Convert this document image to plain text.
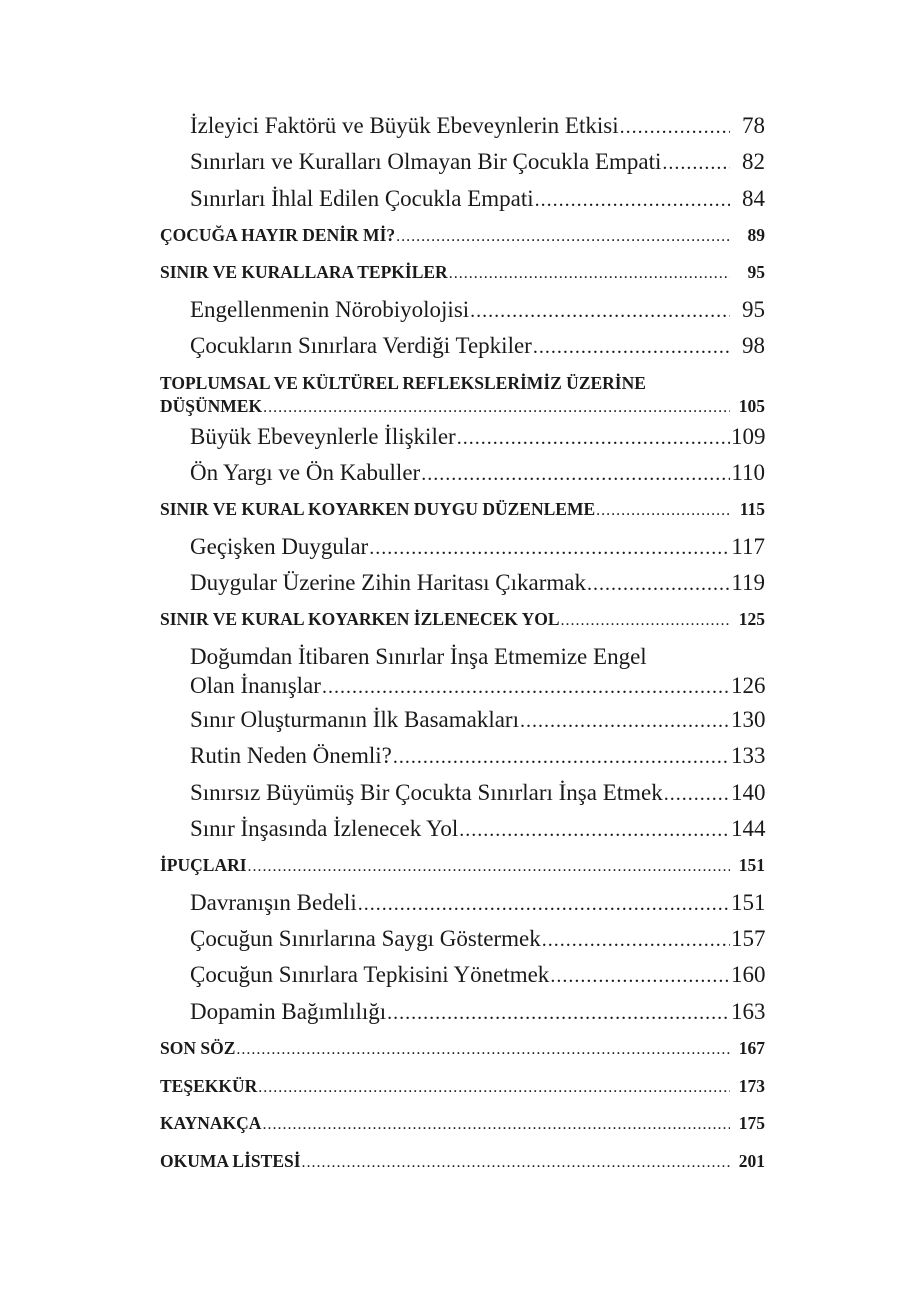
İzleyici Faktörü ve Büyük Ebeveynlerin Etkisi .....	78
Sınırları ve Kuralları Olmayan Bir Çocukla Empati .....	82
Sınırları İhlal Edilen Çocukla Empati .....	84
ÇOCUĞA HAYIR DENİR Mİ? .....	89
SINIR VE KURALLARA TEPKİLER .....	95
Engellenmenin Nörobiyolojisi .....	95
Çocukların Sınırlara Verdiği Tepkiler .....	98
TOPLUMSAL VE KÜLTÜREL REFLEKSLERİMİZ ÜZERİNE
DÜŞÜNMEK .....	105
Büyük Ebeveynlerle İlişkiler .....	109
Ön Yargı ve Ön Kabuller .....	110
SINIR VE KURAL KOYARKEN DUYGU DÜZENLEME .....	115
Geçişken Duygular .....	117
Duygular Üzerine Zihin Haritası Çıkarmak .....	119
SINIR VE KURAL KOYARKEN İZLENECEK YOL .....	125
Doğumdan İtibaren Sınırlar İnşa Etmemize Engel
Olan İnanışlar .....	126
Sınır Oluşturmanın İlk Basamakları .....	130
Rutin Neden Önemli? .....	133
Sınırsız Büyümüş Bir Çocukta Sınırları İnşa Etmek .....	140
Sınır İnşasında İzlenecek Yol .....	144
İPUÇLARI .....	151
Davranışın Bedeli .....	151
Çocuğun Sınırlarına Saygı Göstermek .....	157
Çocuğun Sınırlara Tepkisini Yönetmek .....	160
Dopamin Bağımlılığı .....	163
SON SÖZ .....	167
TEŞEKKÜR .....	173
KAYNAKÇA .....	175
OKUMA LİSTESİ .....	201
